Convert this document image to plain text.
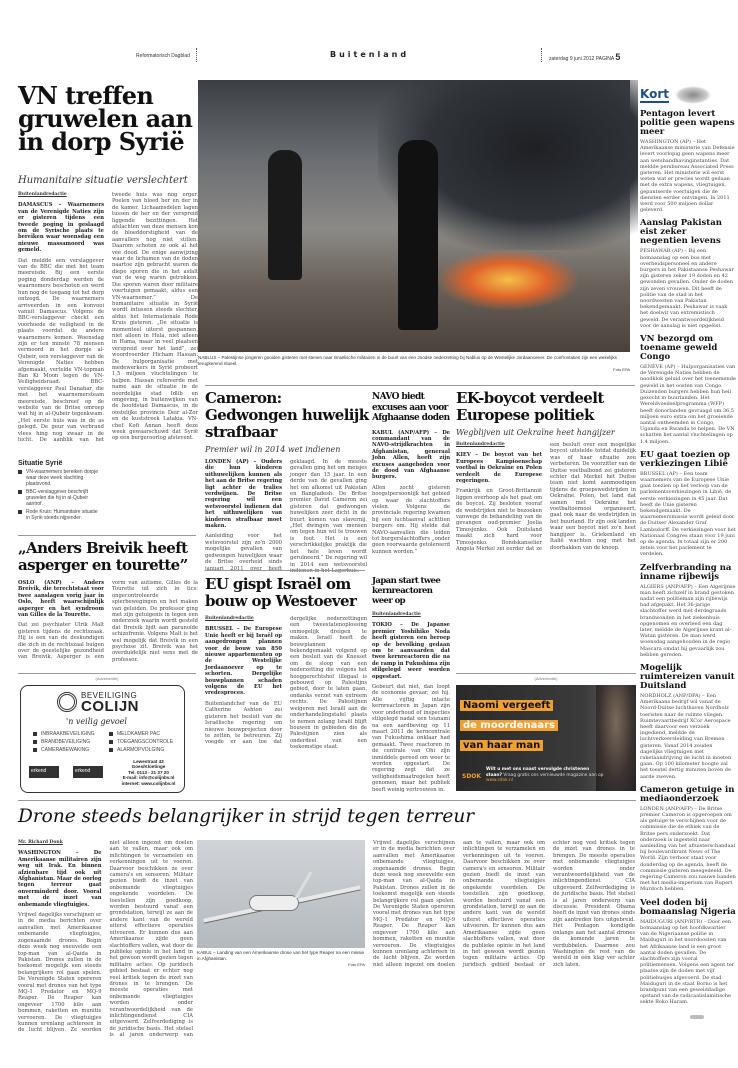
Reformatorisch Dagblad	Buitenland	zaterdag 9 juni 2012 PAGINA 5
VN treffen gruwelen aan in dorp Syrië
Humanitaire situatie verslechtert
Buitenlandredactie
DAMASCUS – Waarnemers van de Verenigde Naties zijn er gisteren tijdens een tweede poging in geslaagd om de Syrische plaats te bereiken waar woensdag een nieuwe massamoord was gemeld.
Dat meldde een verslaggever van de BBC die met het team meereisde. Bij een eerste poging donderdag werden de waarnemers beschoten en werd hun nog de toegang tot het dorp ontzegd. De waarnemers arriveerden in een konvooi vanuit Damascus. Volgens de BBC-verslaggever checkt een voorhoede de veiligheid in de plaats voordat de andere waarnemers komen. Woensdag zijn er ten minste 78 mensen vermoord in het dorpje al-Qubeir, een verslaggever van de Verenigde Naties hebben afgemaakt, vertelde VN-topman Ban Ki Moon tegen de VN-Veiligheidsraad. BBC-verslaggever Paul Danahar, die met het waarnemersteam meereisde, beschreef op de website van de Britse omroep wat hij in al-Qubeir tegenkwam. „Het eerste huis was in de as gelegd. De geur van verbrand vlees hing nog zwaar in de lucht. De aanblik van het tweede huis was nog erger. Poelen van bloed her en der in de kamer. Lichaamsdelen lagen tussen de her en der verspreid liggende bezittingen. Het afslachten van deze mensen kon de bloeddorstigheid van de aanvallers nog niet stillen. Daarom schoten ze ook al het vee dood. De enige aanwijzing waar de lichamen van de doden naartoe zijn gebracht waren de diepe sporen die in het asfalt van de weg waren getrokken. Die sporen waren door militaire voertuigen gemaakt, aldus een VN-waarnemer.” De humanitaire situatie in Syrië wordt intussen steeds slechter, aldus het Internationale Rode Kruis gisteren. „De situatie is momenteel uiterst gespannen, niet alleen in Hula, niet alleen in Hama, maar in veel plaatsen verspreid over het land”, zei woordvoerder Hicham Hassan. De hulporganisatie met medewerkers in Syrië probeert 1,5 miljoen vluchtelingen te helpen. Hassan refereerde met name aan de situatie in de noordelijke stad Idlib en omgeving, in buitenwijken van de hoofdstad Damascus, in de oostelijke provincie Deir al-Zor en de kuststreek Latakia. VN-chef Kofi Annan heeft deze week gewaarschuwd dat Syrië op een burgeroorlog afstevent.
Situatie Syrië
VN-waarnemers bereiken dorpje waar deze week slachting plaatsvond.
BBC-verslaggever beschrijft gruwelen die hij in al-Qubeir aantrof.
Rode Kruis: Humanitaire situatie in Syrië steeds nijpender.
„Anders Breivik heeft asperger en tourette”
OSLO (ANP) – Anders Breivik, die terechtstaat voor twee aanslagen vorig jaar in Oslo, heeft waarschijnlijk asperger en het syndroom van Gilles de la Tourette.
Dat zei psychiater Ulrik Malt gisteren tijdens de rechtszaak. Hij is een van de deskundigen die zich in de rechtszaal buigen over de geestelijke gezondheid van Breivik. Asperger is een vorm van autisme. Gilles de la Tourette uit zich in tics: ongecontroleerde spierbewegingen en het maken van geluiden. De professor ging met zijn getuigenis in tegen een onderzoek waarin wordt gesteld dat Breivik lijdt aan paranoïde schizofrenie. Volgens Malt is het wel mogelijk dat Breivik in een psychose zit. Breivik was het overduidelijk niet eens met de professor.
(Advertentie)
BEVEILIGING
COLIJN
'n veilig gevoel
INBRAAKBEVEILIGING
BRANDBEVEILIGING
CAMERABEWAKING
MELDKAMER PAC
TOEGANGSCONTROLE
ALARMOPVOLGING
erkend	erkend
Lewestraat 43
Goes/Kloetinge
Tel. 0113 - 21 37 20
E-mail: info@colijnbv.nl
internet: www.colijnbv.nl
NABLUS – Palestijnse jongeren gooiden gisteren met stenen naar Israëlische militairen in de buurt van een Joodse nederzetting bij Nablus op de Westelijke Jordaanoever. De confrontaties zijn een wekelijks terugkerend ritueel.
Foto EPA
Cameron: Gedwongen huwelijk strafbaar
Premier wil in 2014 wet indienen
LONDEN (AP) – Ouders die hun kinderen uithuwelijken kunnen als het aan de Britse regering ligt achter de tralies verdwijnen. De Britse regering wil een wetsvoorstel indienen dat het uithuwelijken van kinderen strafbaar moet maken.
Aanleiding voor het wetsvoorstel zijn zo'n 2000 mogelijke gevallen van gedwongen huwelijken waar de Britse overheid sinds januari 2011 over heeft geklaagd. In de meeste gevallen ging het om meisjes jonger dan 15 jaar. In een derde van de gevallen ging het om afkomst uit Pakistan en Bangladesh. De Britse premier David Cameron zei gisteren dat gedwongen huwelijken zeer dicht in de buurt komen van slavernij. „Het dwingen van mensen om tegen hun wil te trouwen is fout. Het is een verschrikkelijke praktijk die het hele leven wordt geruïneerd.” De regering wil in 2014 een wetsvoorstel indienen in het Lagerhuis.
NAVO biedt excuses aan voor Afghaanse doden
KABUL (ANP/AFP) – De commandant van de NAVO-strijdkrachten in Afghanistan, generaal John Allen, heeft zijn excuses aangeboden voor de dood van Afghaanse burgers.
Allen zocht gisteren hoogstpersoonlijk het gebied op waar de slachtoffers vielen. Volgens de provinciale regering kwamen bij een luchtaanval achttien burgers om. Hij stelde dat NAVO-aanvallen die leiden tot burgerslachtoffers „onder geen voorwaarde getolereerd kunnen worden.”
EK-boycot verdeelt Europese politiek
Wegblijven uit Oekraïne heet hangijzer
Buitenlandredactie
KIEV – De boycot van het Europees Kampioenschap voetbal in Oekraïne en Polen verdeelt de Europese regeringen.
Frankrijk en Groot-Brittannië liggen overhoop als het gaat om de boycot. Zij besloten vooraf de wedstrijden niet te bezoeken vanwege de behandeling van de gevangen oud-premier Joelia Timosjenko. Ook Duitsland maakt zich hard voor Timosjenko. Bondskanselier Angela Merkel zei eerder dat ze een besluit over een mogelijke boycot uitstelde totdat duidelijk was of haar situatie zou verbeteren. De voorzitter van de Duitse voetbalbond zei gisteren echter dat Merkel het Duitse team niet komt aanmoedigen tijdens de groepswedstrijden in Oekraïne. Polen, het land dat samen met Oekraïne het voetbaltoernooi organiseert, gaat ook naar de wedstrijden in het buurland. Er zijn ook landen waar een boycot niet zo'n heet hangijzer is. Griekenland en Italië wachten nog met het doorhakken van de knoop.
EU gispt Israël om bouw op Westoever
Buitenlandredactie
BRUSSEL – De Europese Unie heeft er bij Israël op aangedrongen plannen voor de bouw van 850 nieuwe appartementen op de Westelijke Jordaanoever op te schorten. Dergelijke bouwplannen schaden volgens de EU het vredesproces.
Buitenlandchef van de EU Catherine Ashton zei gisteren het besluit van de Israëlische regering om nieuwe bouwprojecten door te zetten, te betreuren. Zij voegde er aan toe dat dergelijke nederzettingen een tweestatenoplossing onmogelijk dreigen te maken. Israël heeft de bouwplannen bekendgemaakt volgend op een besluit van de Knesset om de sloop van een nederzetting die volgens het hooggerechtshof illegaal is gebouwd op Palestijns gebied, door te laten gaan, ondanks verzet van extreem rechts. De Palestijnen weigeren met Israël aan de onderhandelingstafel plaats te nemen zolang Israël blijft bouwen in gebieden die de Palestijnen zien als onderdeel van een toekomstige staat.
Japan start twee kernreactoren weer op
Buitenlandredactie
TOKIO – De Japanse premier Yoshihiko Noda heeft gisteren een beroep op de bevolking gedaan om te aanvaarden dat twee kernreactoren die na de ramp in Fukushima zijn stilgelegd weer worden opgestart.
Gebeurt dat niet, dan loopt de economie gevaar, zei hij. Alle vijftig intacte kernreactoren in Japan zijn voor onderhoud of inspecties stilgelegd nadat een tsunami na een aardbeving op 11 maart 2011 de kerncentrale van Fukushima onklaar had gemaakt. Twee reactoren in de centrale van Ohi zijn inmiddels gereed om weer te worden opgestart. De regering zegt dat ze veiligheidsmaatregelen heeft genomen, maar het publiek heeft weinig vertrouwen in.
(Advertentie)
Naomi vergeeft
de moordenaars
van haar man
SDOK
Wilt u met ons naast vervolgde christenen staan? Vraag gratis ons vernieuwde magazine aan op www.sdok.nl
Drone steeds belangrijker in strijd tegen terreur
Mr. Richard Donk
WASHINGTON – De Amerikaanse militairen zijn weg uit Irak. En binnen afzienbare tijd ook uit Afghanistan. Maar de oorlog tegen terreur gaat onverminderd door. Vooral met de inzet van onbemande vliegtuigjes.
Vrijwel dagelijks verschijnen er in de media berichten over aanvallen met Amerikaanse onbemande vliegtuigjes, zogenaamde drones. Begin deze week nog sneuvelde een top-man van al-Qaida in Pakistan. Drones zullen in de toekomst mogelijk een steeds belangrijkere rol gaan spelen. De Verenigde Staten opereren vooral met drones van het type MQ-1 Predator en MQ-9 Reaper. De Reaper kan ongeveer 1700 kilo aan bommen, raketten en munitie vervoeren. De vliegtuigjes kunnen urenlang achtereen in de lucht blijven. Ze worden niet alleen ingezet om doelen aan te vallen, maar ook om inlichtingen te verzamelen en verkenningen uit te voeren. Daarvoor beschikken ze over camera's en sensoren. Militair gezien biedt de inzet van onbemande vliegtuigjes ongekende voordelen. De toestellen zijn goedkoop, worden bestuurd vanaf een grondstation, terwijl ze aan de andere kant van de wereld uiterst effectieve operaties uitvoeren. Er kunnen dus aan Amerikaanse zijde geen slachtoffers vallen, wat door de publieke opinie in het land in het gewoon wordt gezien tegen militaire acties. Op juridisch gebied bestaat er echter nog veel kritiek tegen de inzet van drones in te brengen. De meeste operaties met onbemande vliegtuigjes worden onder verantwoordelijkheid van de inlichtingendienst CIA uitgevoerd. Zelfverdediging is de juridische basis. Het stelsel is al jaren onderwerp van
KABUL – Landing van een Amerikaanse drone van het type Reaper na een missie in Afghanistan.
Foto EPA
Vrijwel dagelijks verschijnen er in de media berichten over aanvallen met Amerikaanse onbemande vliegtuigjes, zogenaamde drones. Begin deze week nog sneuvelde een top-man van al-Qaida in Pakistan. Drones zullen in de toekomst mogelijk een steeds belangrijkere rol gaan spelen. De Verenigde Staten opereren vooral met drones van het type MQ-1 Predator en MQ-9 Reaper. De Reaper kan ongeveer 1700 kilo aan bommen, raketten en munitie vervoeren. De vliegtuigjes kunnen urenlang achtereen in de lucht blijven. Ze worden niet alleen ingezet om doelen aan te vallen, maar ook om inlichtingen te verzamelen en verkenningen uit te voeren. Daarvoor beschikken ze over camera's en sensoren. Militair gezien biedt de inzet van onbemande vliegtuigjes ongekende voordelen. De toestellen zijn goedkoop, worden bestuurd vanaf een grondstation, terwijl ze aan de andere kant van de wereld uiterst effectieve operaties uitvoeren. Er kunnen dus aan Amerikaanse zijde geen slachtoffers vallen, wat door de publieke opinie in het land in het gewoon wordt gezien tegen militaire acties. Op juridisch gebied bestaat er echter nog veel kritiek tegen de inzet van drones in te brengen. De meeste operaties met onbemande vliegtuigjes worden onder verantwoordelijkheid van de inlichtingendienst CIA uitgevoerd. Zelfverdediging is de juridische basis. Het stelsel is al jaren onderwerp van discussie. President Obama heeft de inzet van drones sinds zijn aantreden fors uitgebreid. Het Pentagon kondigde onlangs aan het aantal drones de komende jaren te verdubbelen. Daarmee zou Washington de rest van de wereld in één klap ver achter zich laten.
Kort
Pentagon levert politie geen wapens meer

WASHINGTON (AP) – Het Amerikaanse ministerie van Defensie levert voorlopig geen wapens meer aan wetshandhavinginstanties. Dat meldde persbureau Associated Press gisteren. Het ministerie wil eerst weten wat er precies wordt gedaan met de extra wapens, vliegtuigen, gepantserde voertuigen die de diensten eerder ontvingen. In 2011 werd voor 500 miljoen dollar geleverd.

Aanslag Pakistan eist zeker negentien levens

PESHAWAR (AP) – Bij een bomaanslag op een bus met overheidspersoneel en andere burgers in het Pakistaanse Peshawar zijn gisteren zeker 19 doden en 42 gewonden gevallen. Onder de doden zijn zeven vrouwen. Dit heeft de politie van de stad in het noordwesten van Pakistan bekendgemaakt. Peshawar is vaak het doelwit van extremistisch geweld. De verantwoordelijkheid voor de aanslag is niet opgeëist.

VN bezorgd om toename geweld Congo

GENÈVE (AP) – Hulporganisaties van de Verenigde Naties hebben de noodklok geluid over het toenemende geweld in het oosten van Congo. Duizenden burgers hebben hun heil gezocht in buurlanden. Het Wereldvoedselprogramma (WFP) heeft donorlanden gevraagd om 36,5 miljoen euro extra om het groeiende aantal ontheemden in Congo, Uganda en Rwanda te helpen. De VN schatten het aantal vluchtelingen op 1,4 miljoen.

EU gaat toezien op verkiezingen Libië

BRUSSEL (AP) – Een team waarnemers van de Europese Unie gaat toezien op het verloop van de parlementsverkiezingen in Libië, de eerste verkiezingen in 45 jaar. Dat heeft de Unie gisteren bekendgemaakt. De waarnemersmissie wordt geleid door de Duitser Alexander Graf Lambsdorff. De verkiezingen voor het Nationaal Congres staan voor 19 juni op de agenda. In totaal zijn er 200 zetels voor het parlement te verdelen.

Zelfverbranding na inname rijbewijs

ALGIERS (ANP/AFP) – Een Algerijnse man heeft zichzelf in brand gestoken nadat een politieman zijn rijbewijs had afgepakt. Het 36-jarige slachtoffer werd met derdegraads brandwonden in het ziekenhuis opgenomen en overleed een dag later, meldde de Algerijnse krant al-Watan gisteren. De man werd woensdag aangehouden in de regio Mascara omdat hij gevaarlijk zou hebben gereden.

Mogelijk ruimtereizen vanuit Duitsland

NORDHOLZ (ANP/DPA) – Een Amerikaans bedrijf wil vanaf de Noord-Duitse luchthaven Nordholz toeristen naar de ruimte vliegen. Ruimtevaartbedrijf XCor Aerospace heeft daarvoor een verzoek ingediend, meldde de luchtverkeersleiding van Bremen gisteren. Vanaf 2014 zouden dagelijks vliegtuigen met raketaandrijving de lucht in moeten gaan. Op 100 kilometer hoogte zal het toestel dertig minuten boven de aarde zweven.

Cameron getuige in mediaonderzoek

LONDEN (ANP/AFP) – De Britse premier Cameron is opgeroepen om als getuige te verschijnen voor de commissie die de ethiek van de Britse pers onderzoekt. Dat onderzoek is ingesteld naar aanleiding van het afluisterschandaal bij boulevardkrant News of The World. Zijn verhoor staat voor donderdag op de agenda, heeft de commissie gisteren meegedeeld. De regering-Cameron zou nauwe banden met het media-imperium van Rupert Murdoch hebben.

Veel doden bij bomaanslag Nigeria

MAIDUGURI (ANP/RTR) – Door een bomaanslag op het hoofdkwartier van de Nigeriaanse politie in Maiduguri in het noordoosten van het Afrikaanse land is een groot aantal doden gevallen. De slachtoffers zijn vooral politiemensen. Volgens een agent ter plaatse zijn de doden met vijf politiebusjes afgevoerd. De stad Maiduguri in de staat Borno is het brandpunt van een gewelddadige opstand van de radicaalislamitische sekte Boko Haram.
